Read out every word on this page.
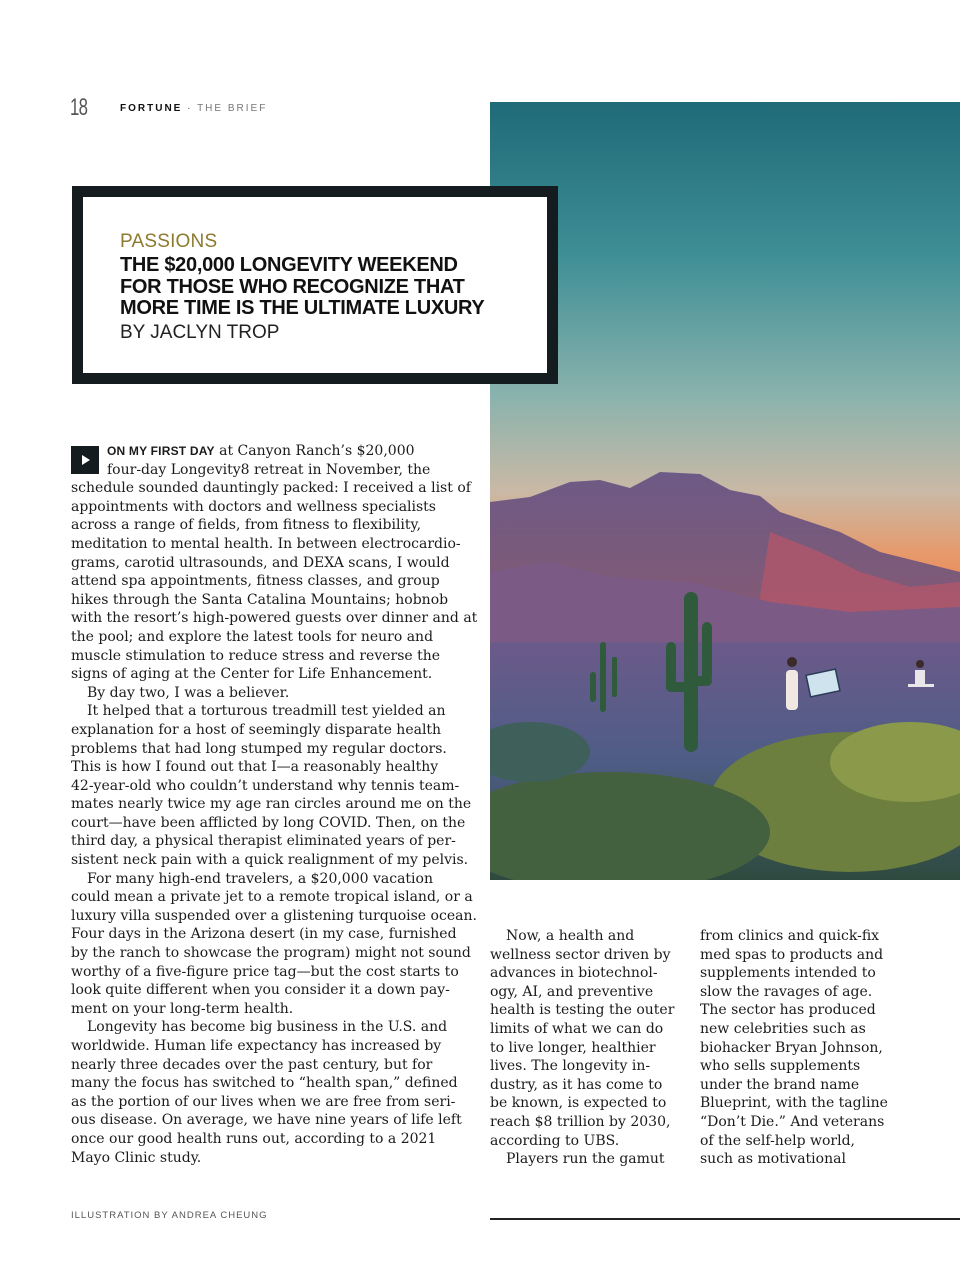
18	FORTUNE · THE BRIEF
PASSIONS
THE $20,000 LONGEVITY WEEKEND
FOR THOSE WHO RECOGNIZE THAT
MORE TIME IS THE ULTIMATE LUXURY
BY JACLYN TROP
ON MY FIRST DAY at Canyon Ranch’s $20,000
four-day Longevity8 retreat in November, the
schedule sounded dauntingly packed: I received a list of
appointments with doctors and wellness specialists
across a range of fields, from fitness to flexibility,
meditation to mental health. In between electrocardio-
grams, carotid ultrasounds, and DEXA scans, I would
attend spa appointments, fitness classes, and group
hikes through the Santa Catalina Mountains; hobnob
with the resort’s high-powered guests over dinner and at
the pool; and explore the latest tools for neuro and
muscle stimulation to reduce stress and reverse the
signs of aging at the Center for Life Enhancement.
By day two, I was a believer.
It helped that a torturous treadmill test yielded an
explanation for a host of seemingly disparate health
problems that had long stumped my regular doctors.
This is how I found out that I—a reasonably healthy
42-year-old who couldn’t understand why tennis team-
mates nearly twice my age ran circles around me on the
court—have been afflicted by long COVID. Then, on the
third day, a physical therapist eliminated years of per-
sistent neck pain with a quick realignment of my pelvis.
For many high-end travelers, a $20,000 vacation
could mean a private jet to a remote tropical island, or a
luxury villa suspended over a glistening turquoise ocean.
Four days in the Arizona desert (in my case, furnished
by the ranch to showcase the program) might not sound
worthy of a five-figure price tag—but the cost starts to
look quite different when you consider it a down pay-
ment on your long-term health.
Longevity has become big business in the U.S. and
worldwide. Human life expectancy has increased by
nearly three decades over the past century, but for
many the focus has switched to “health span,” defined
as the portion of our lives when we are free from seri-
ous disease. On average, we have nine years of life left
once our good health runs out, according to a 2021
Mayo Clinic study.
Now, a health and
wellness sector driven by
advances in biotechnol-
ogy, AI, and preventive
health is testing the outer
limits of what we can do
to live longer, healthier
lives. The longevity in-
dustry, as it has come to
be known, is expected to
reach $8 trillion by 2030,
according to UBS.
Players run the gamut
from clinics and quick-fix
med spas to products and
supplements intended to
slow the ravages of age.
The sector has produced
new celebrities such as
biohacker Bryan Johnson,
who sells supplements
under the brand name
Blueprint, with the tagline
“Don’t Die.” And veterans
of the self-help world,
such as motivational
ILLUSTRATION BY ANDREA CHEUNG
